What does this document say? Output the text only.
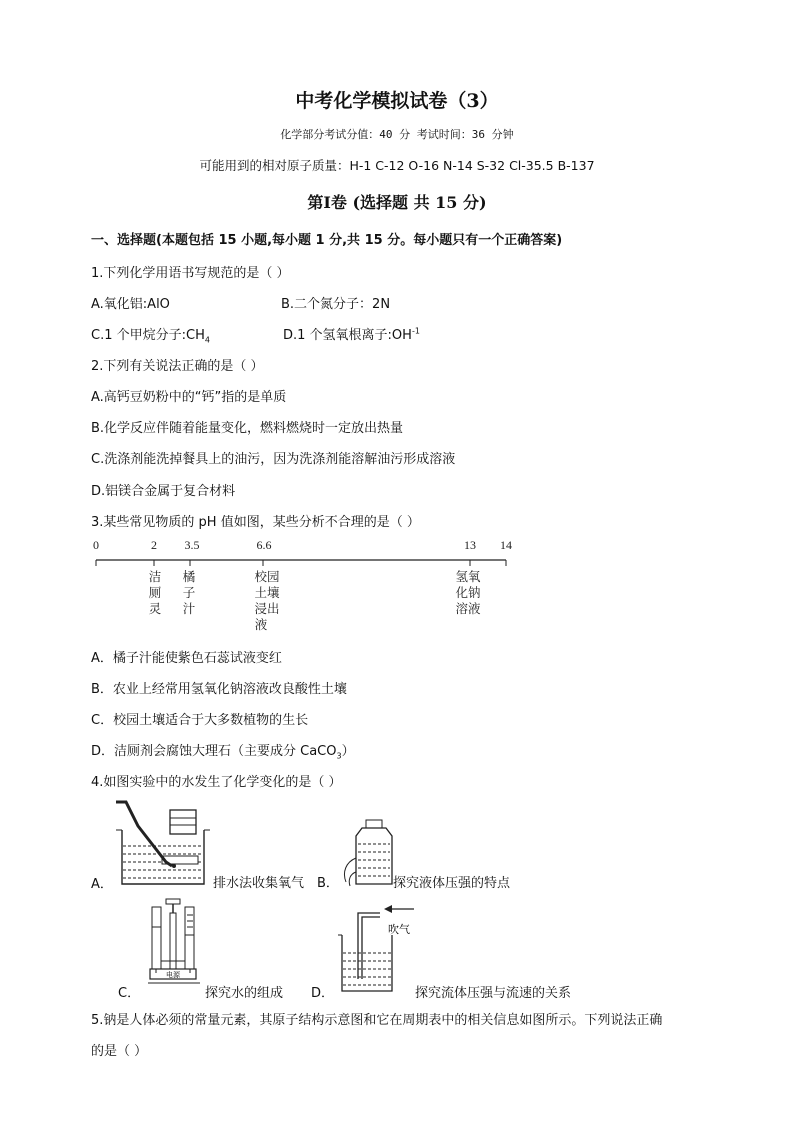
中考化学模拟试卷（3）
化学部分考试分值：40 分 考试时间：36 分钟
可能用到的相对原子质量：H-1 C-12 O-16 N-14 S-32 Cl-35.5 B-137
第Ⅰ卷 (选择题 共 15 分)
一、选择题(本题包括 15 小题,每小题 1 分,共 15 分。每小题只有一个正确答案)
1.下列化学用语书写规范的是（ ）
A.氧化铝:AlO	B.二个氮分子：2N
C.1 个甲烷分子$:CH_4$	D.1 个氢氧根离子$:OH^{-1}$
2.下列有关说法正确的是（ ）
A.高钙豆奶粉中的“钙”指的是单质
B.化学反应伴随着能量变化，燃料燃烧时一定放出热量
C.洗涤剂能洗掉餐具上的油污，因为洗涤剂能溶解油污形成溶液
D.铝镁合金属于复合材料
3.某些常见物质的 pH 值如图，某些分析不合理的是（ ）
0	2 3.5	6.6	13 14
洁
厕
灵
橘
子
汁
校园
土壤
浸出
液
氢氧
化钠
溶液
A．橘子汁能使紫色石蕊试液变红
B．农业上经常用氢氧化钠溶液改良酸性土壤
C．校园土壤适合于大多数植物的生长
D．洁厕剂会腐蚀大理石（主要成分 CaCO$_3$）
4.如图实验中的水发生了化学变化的是（ ）
A．	排水法收集氧气 B．	探究液体压强的特点
电源
C．	探究水的组成
吹气
D．	探究流体压强与流速的关系
5.钠是人体必须的常量元素，其原子结构示意图和它在周期表中的相关信息如图所示。下列说法正确
的是（ ）
